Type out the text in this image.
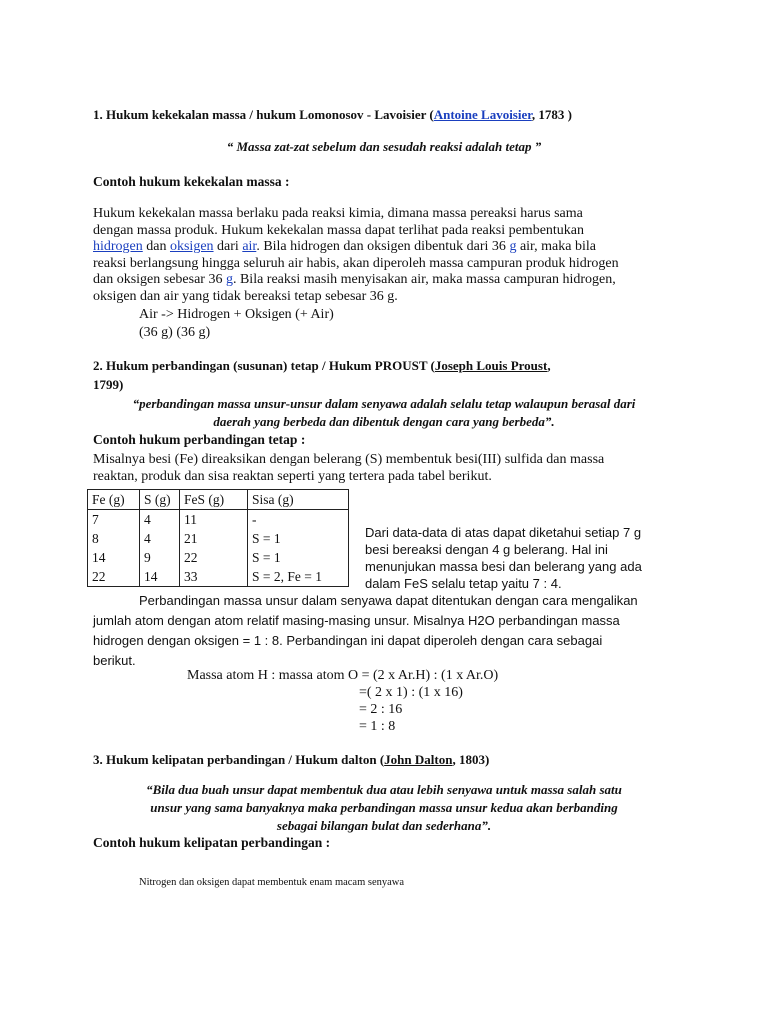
1. Hukum kekekalan massa / hukum Lomonosov - Lavoisier (Antoine Lavoisier, 1783 )
“ Massa zat-zat sebelum dan sesudah reaksi adalah tetap ”
Contoh hukum kekekalan massa :
Hukum kekekalan massa berlaku pada reaksi kimia, dimana massa pereaksi harus sama
dengan massa produk. Hukum kekekalan massa dapat terlihat pada reaksi pembentukan
hidrogen dan oksigen dari air. Bila hidrogen dan oksigen dibentuk dari 36 g air, maka bila
reaksi berlangsung hingga seluruh air habis, akan diperoleh massa campuran produk hidrogen
dan oksigen sebesar 36 g. Bila reaksi masih menyisakan air, maka massa campuran hidrogen,
oksigen dan air yang tidak bereaksi tetap sebesar 36 g.
Air -> Hidrogen + Oksigen (+ Air)
(36 g) (36 g)
2. Hukum perbandingan (susunan) tetap / Hukum PROUST (Joseph Louis Proust,
1799)
“perbandingan massa unsur-unsur dalam senyawa adalah selalu tetap walaupun berasal dari
daerah yang berbeda dan dibentuk dengan cara yang berbeda”.
Contoh hukum perbandingan tetap :
Misalnya besi (Fe) direaksikan dengan belerang (S) membentuk besi(III) sulfida dan massa
reaktan, produk dan sisa reaktan seperti yang tertera pada tabel berikut.
Fe (g)	S (g)	FeS (g)	Sisa (g)
7	4	11	-
8	4	21	S = 1
14	9	22	S = 1
22	14	33	S = 2, Fe = 1
Dari data-data di atas dapat diketahui setiap 7 g
besi bereaksi dengan 4 g belerang. Hal ini
menunjukan massa besi dan belerang yang ada
dalam FeS selalu tetap yaitu 7 : 4.
Perbandingan massa unsur dalam senyawa dapat ditentukan dengan cara mengalikan
jumlah atom dengan atom relatif masing-masing unsur. Misalnya H2O perbandingan massa
hidrogen dengan oksigen = 1 : 8. Perbandingan ini dapat diperoleh dengan cara sebagai
berikut.
Massa atom H : massa atom O = (2 x Ar.H) : (1 x Ar.O)
=( 2 x 1) : (1 x 16)
= 2 : 16
= 1 : 8
3. Hukum kelipatan perbandingan / Hukum dalton (John Dalton, 1803)
“Bila dua buah unsur dapat membentuk dua atau lebih senyawa untuk massa salah satu
unsur yang sama banyaknya maka perbandingan massa unsur kedua akan berbanding
sebagai bilangan bulat dan sederhana”.
Contoh hukum kelipatan perbandingan :
Nitrogen dan oksigen dapat membentuk enam macam senyawa
